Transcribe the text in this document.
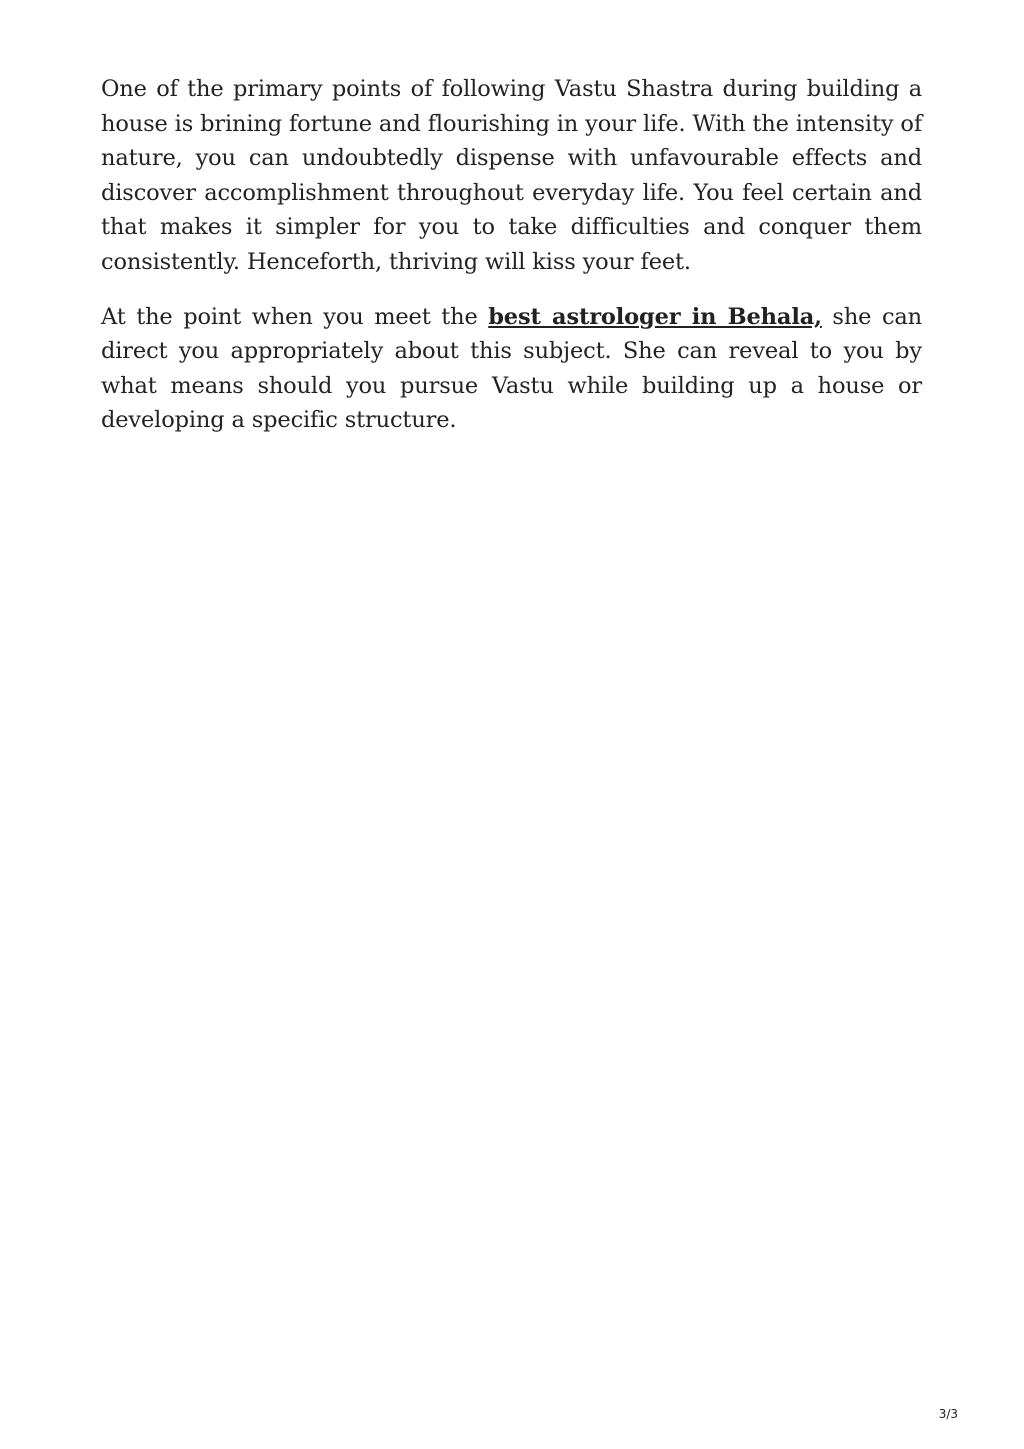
One of the primary points of following Vastu Shastra during building a house is brining fortune and flourishing in your life. With the intensity of nature, you can undoubtedly dispense with unfavourable effects and discover accomplishment throughout everyday life. You feel certain and that makes it simpler for you to take difficulties and conquer them consistently. Henceforth, thriving will kiss your feet.

At the point when you meet the best astrologer in Behala, she can direct you appropriately about this subject. She can reveal to you by what means should you pursue Vastu while building up a house or developing a specific structure.

3/3
